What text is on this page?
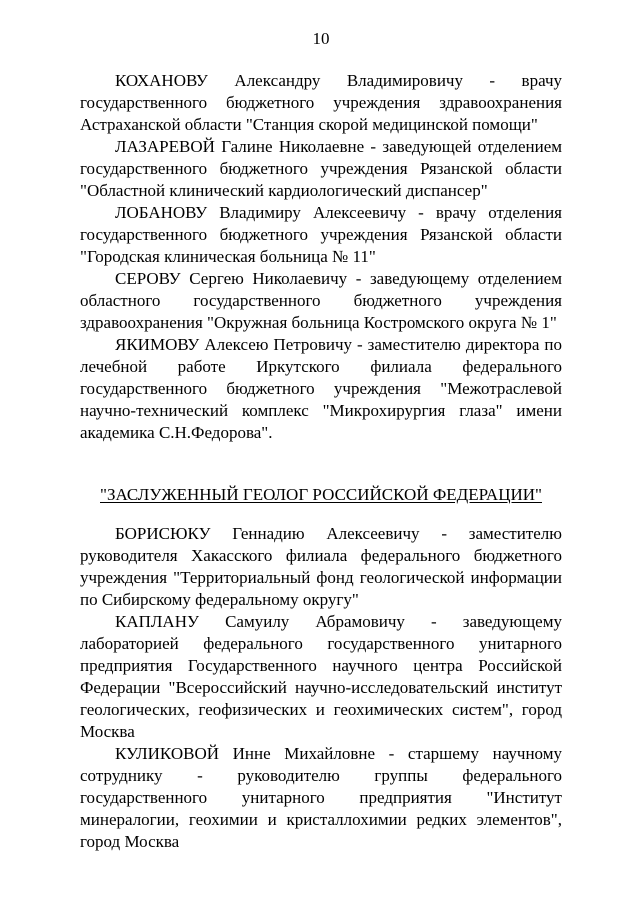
10

КОХАНОВУ Александру Владимировичу - врачу государственного бюджетного учреждения здравоохранения Астраханской области "Станция скорой медицинской помощи"

ЛАЗАРЕВОЙ Галине Николаевне - заведующей отделением государственного бюджетного учреждения Рязанской области "Областной клинический кардиологический диспансер"

ЛОБАНОВУ Владимиру Алексеевичу - врачу отделения государственного бюджетного учреждения Рязанской области "Городская клиническая больница № 11"

СЕРОВУ Сергею Николаевичу - заведующему отделением областного государственного бюджетного учреждения здравоохранения "Окружная больница Костромского округа № 1"

ЯКИМОВУ Алексею Петровичу - заместителю директора по лечебной работе Иркутского филиала федерального государственного бюджетного учреждения "Межотраслевой научно-технический комплекс "Микрохирургия глаза" имени академика С.Н.Федорова".

"ЗАСЛУЖЕННЫЙ ГЕОЛОГ РОССИЙСКОЙ ФЕДЕРАЦИИ"

БОРИСЮКУ Геннадию Алексеевичу - заместителю руководителя Хакасского филиала федерального бюджетного учреждения "Территориальный фонд геологической информации по Сибирскому федеральному округу"

КАПЛАНУ Самуилу Абрамовичу - заведующему лабораторией федерального государственного унитарного предприятия Государственного научного центра Российской Федерации "Всероссийский научно-исследовательский институт геологических, геофизических и геохимических систем", город Москва

КУЛИКОВОЙ Инне Михайловне - старшему научному сотруднику - руководителю группы федерального государственного унитарного предприятия "Институт минералогии, геохимии и кристаллохимии редких элементов", город Москва
